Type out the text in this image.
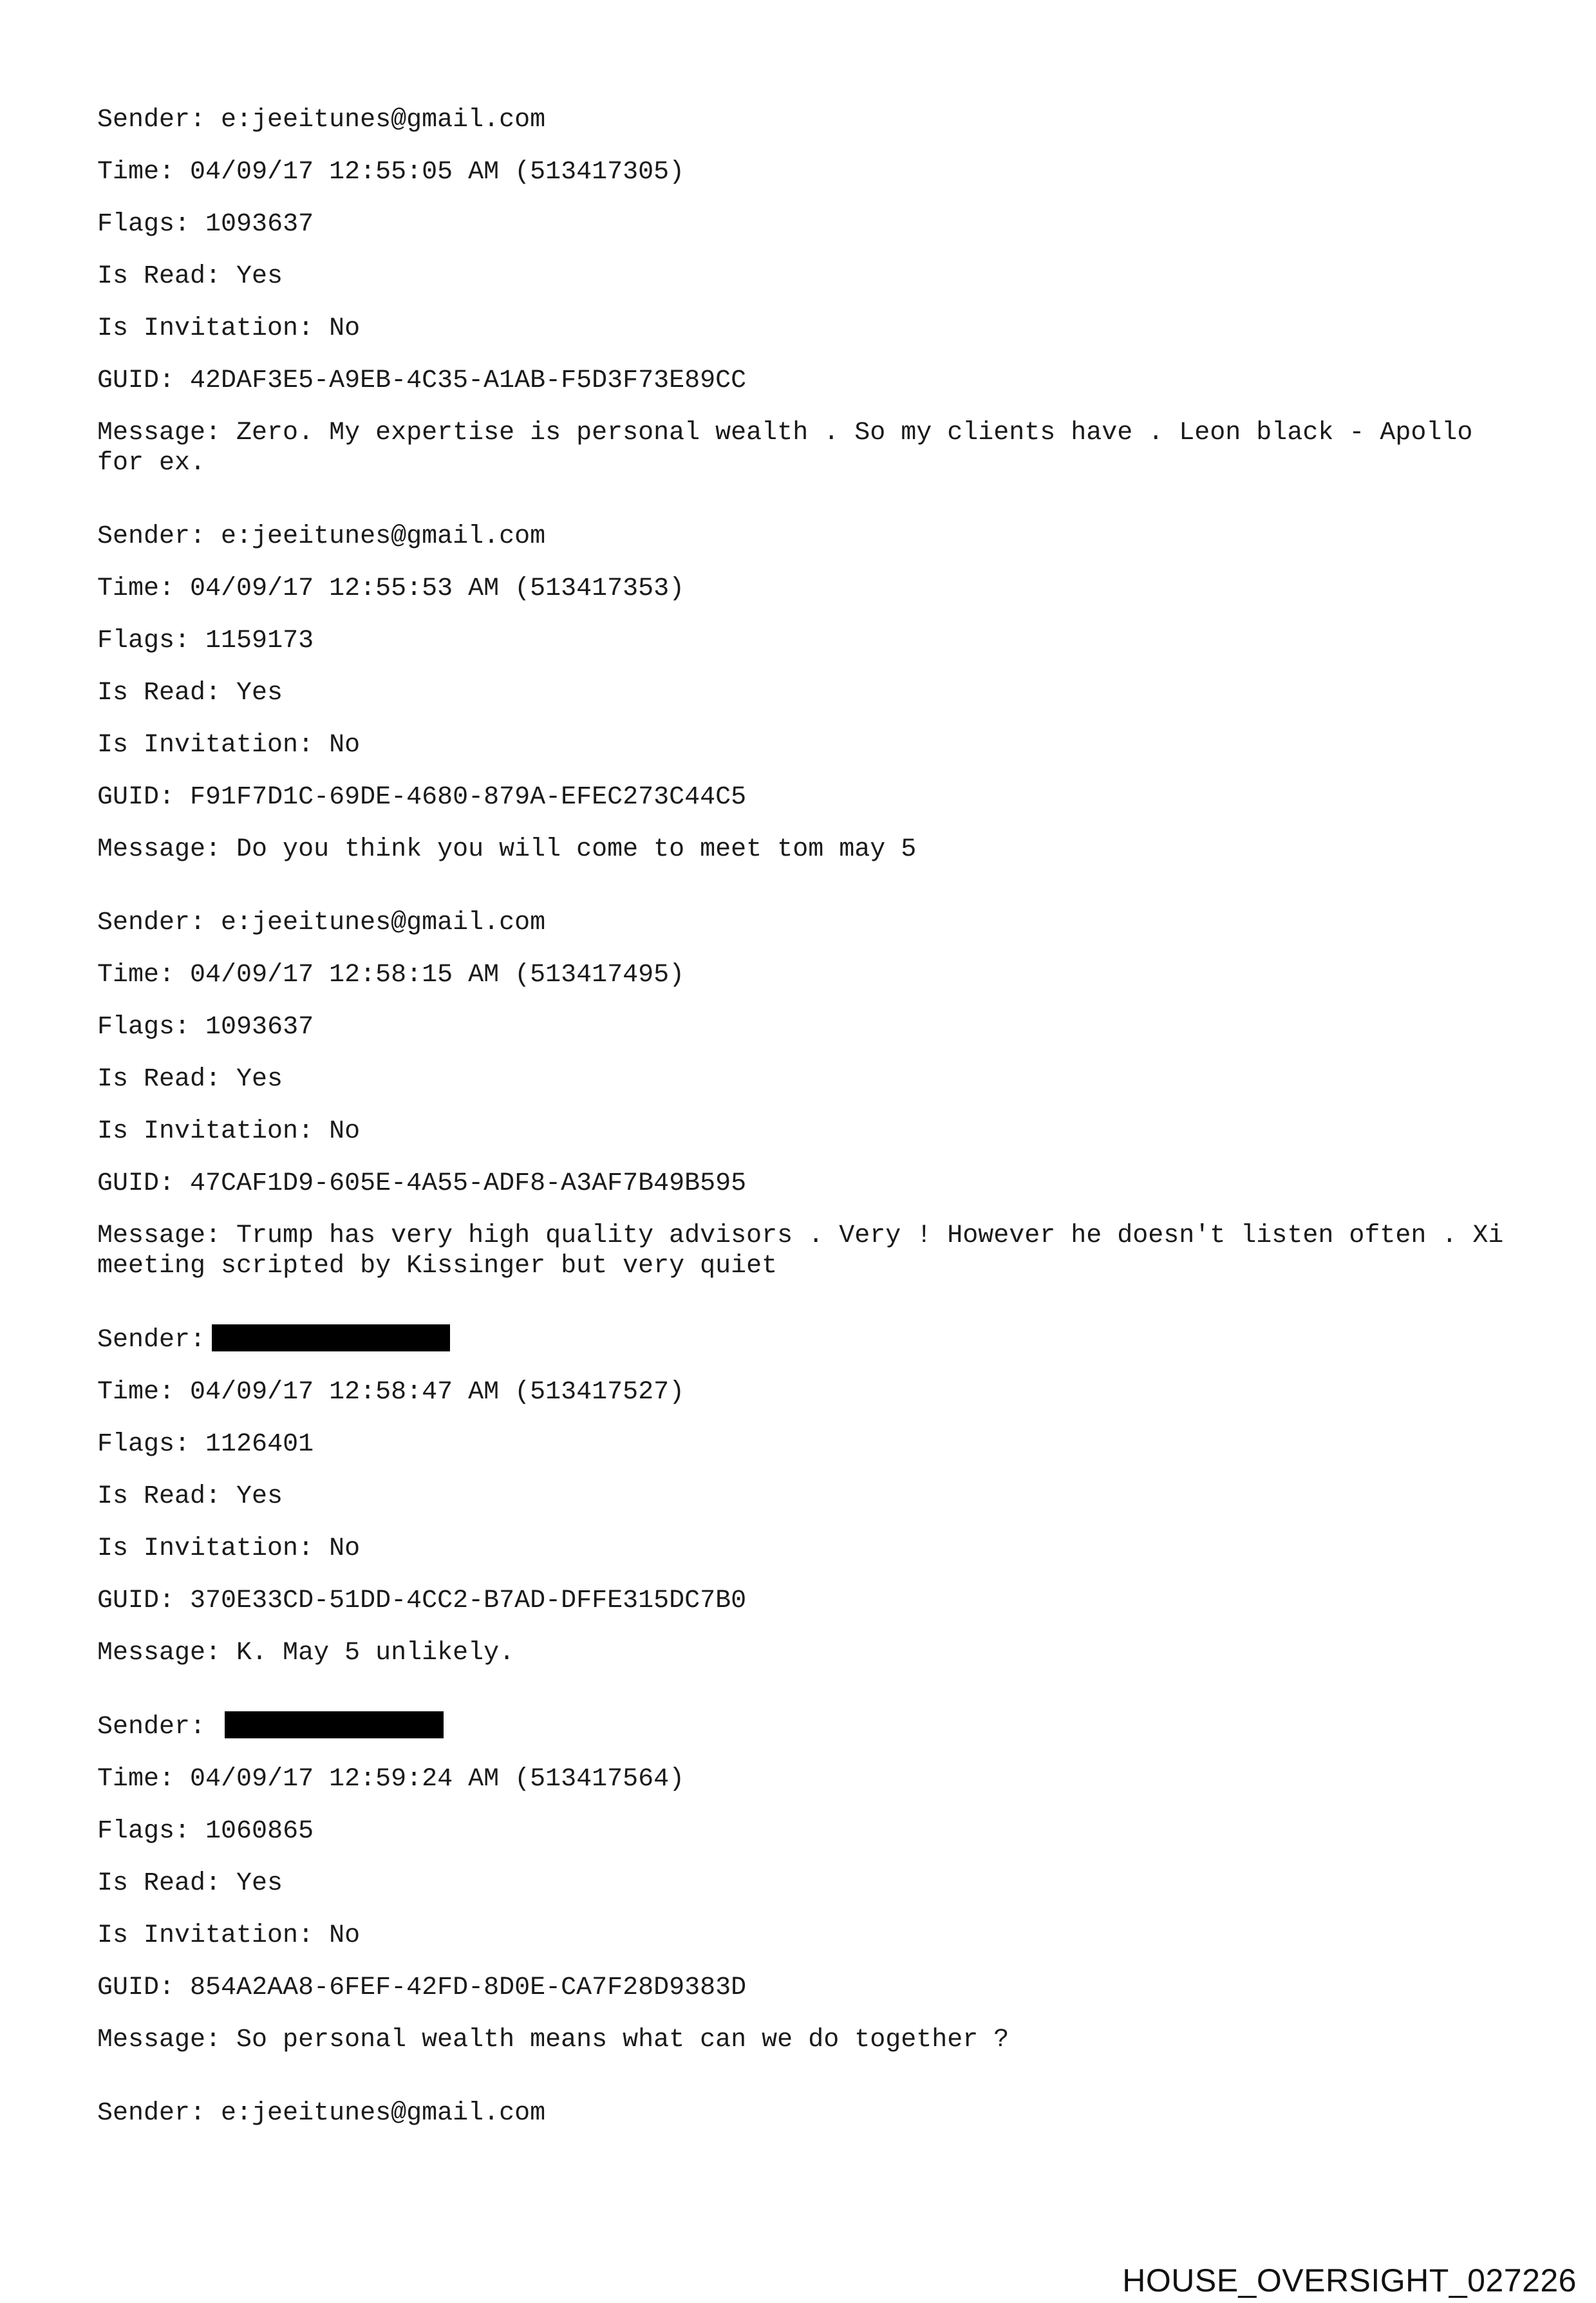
Sender: e:jeeitunes@gmail.com
Time: 04/09/17 12:55:05 AM (513417305)
Flags: 1093637
Is Read: Yes
Is Invitation: No
GUID: 42DAF3E5-A9EB-4C35-A1AB-F5D3F73E89CC
Message: Zero. My expertise is personal wealth . So my clients have . Leon black - Apollo for ex.
Sender: e:jeeitunes@gmail.com
Time: 04/09/17 12:55:53 AM (513417353)
Flags: 1159173
Is Read: Yes
Is Invitation: No
GUID: F91F7D1C-69DE-4680-879A-EFEC273C44C5
Message: Do you think you will come to meet tom may 5
Sender: e:jeeitunes@gmail.com
Time: 04/09/17 12:58:15 AM (513417495)
Flags: 1093637
Is Read: Yes
Is Invitation: No
GUID: 47CAF1D9-605E-4A55-ADF8-A3AF7B49B595
Message: Trump has very high quality advisors . Very ! However he doesn't listen often . Xi meeting scripted by Kissinger but very quiet
Sender:
Time: 04/09/17 12:58:47 AM (513417527)
Flags: 1126401
Is Read: Yes
Is Invitation: No
GUID: 370E33CD-51DD-4CC2-B7AD-DFFE315DC7B0
Message: K. May 5 unlikely.
Sender:
Time: 04/09/17 12:59:24 AM (513417564)
Flags: 1060865
Is Read: Yes
Is Invitation: No
GUID: 854A2AA8-6FEF-42FD-8D0E-CA7F28D9383D
Message: So personal wealth means what can we do together ?
Sender: e:jeeitunes@gmail.com
HOUSE_OVERSIGHT_027226
